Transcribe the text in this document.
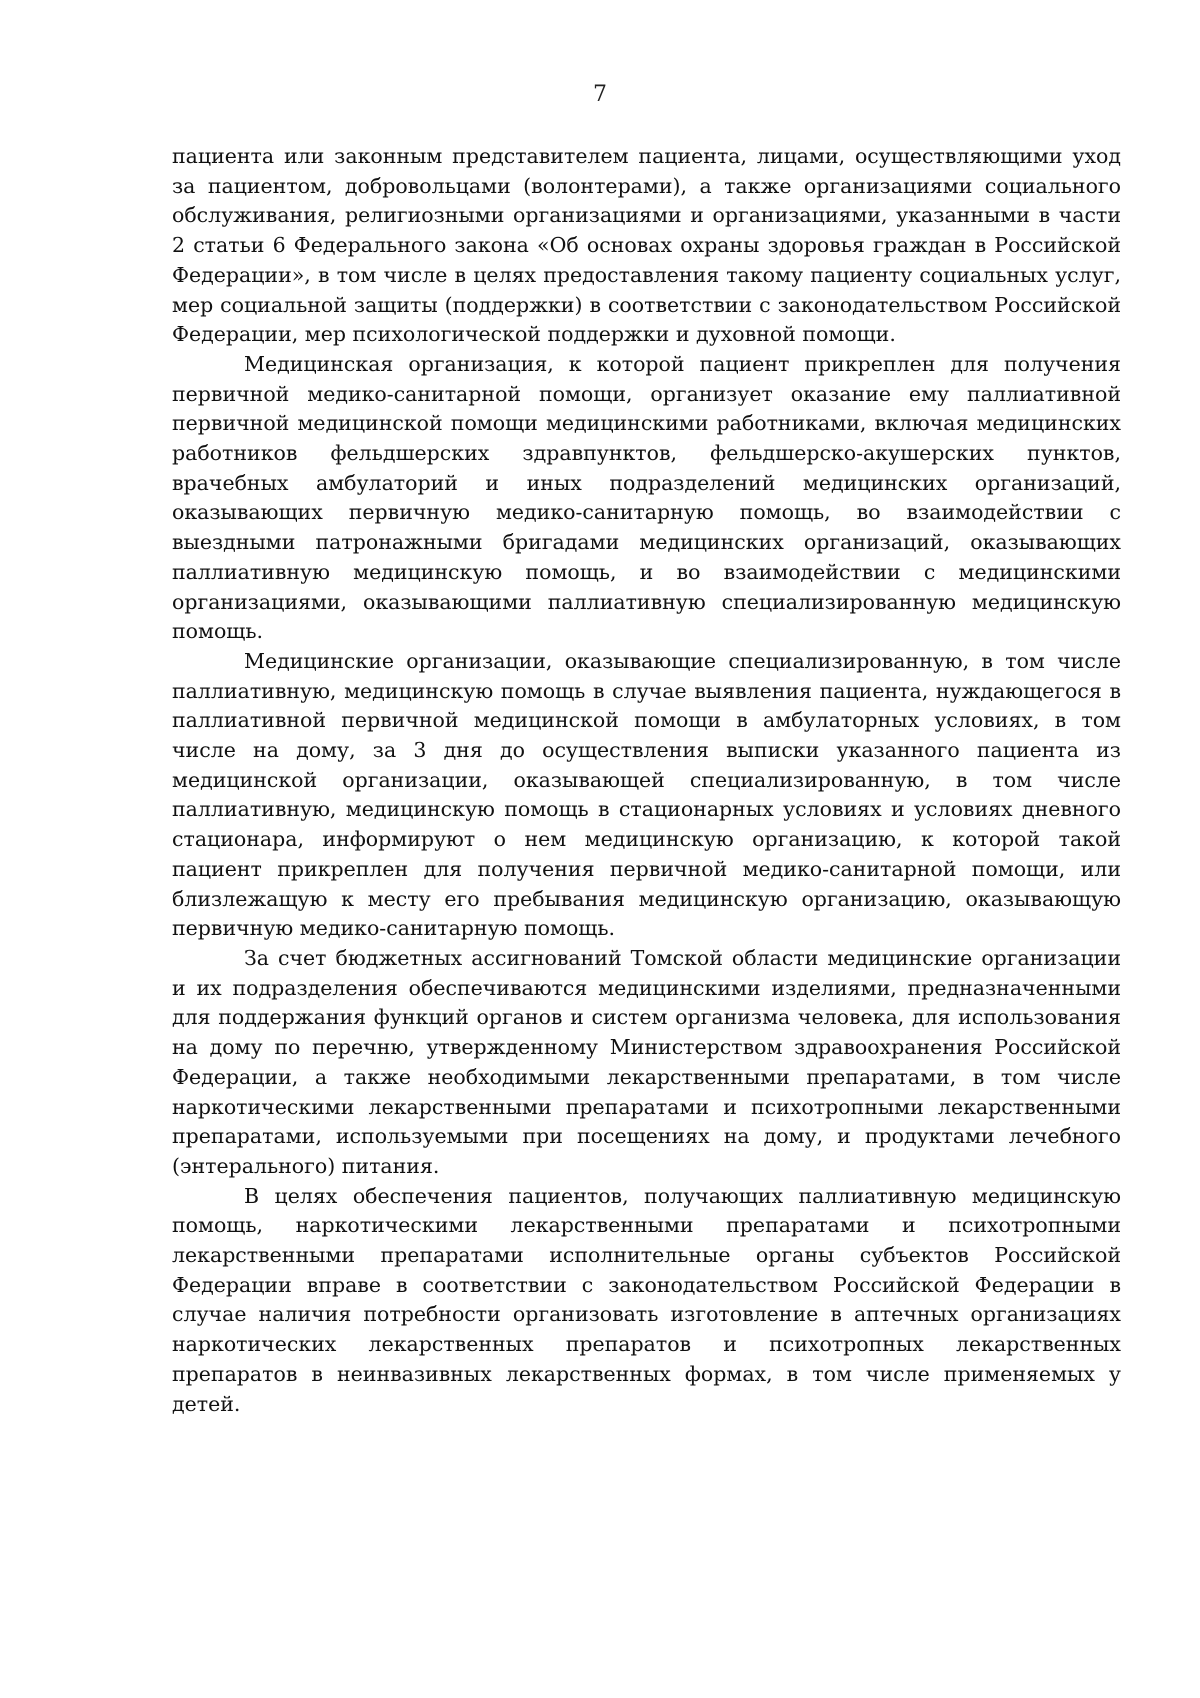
7

пациента или законным представителем пациента, лицами, осуществляющими уход за пациентом, добровольцами (волонтерами), а также организациями социального обслуживания, религиозными организациями и организациями, указанными в части 2 статьи 6 Федерального закона «Об основах охраны здоровья граждан в Российской Федерации», в том числе в целях предоставления такому пациенту социальных услуг, мер социальной защиты (поддержки) в соответствии с законодательством Российской Федерации, мер психологической поддержки и духовной помощи.

Медицинская организация, к которой пациент прикреплен для получения первичной медико-санитарной помощи, организует оказание ему паллиативной первичной медицинской помощи медицинскими работниками, включая медицинских работников фельдшерских здравпунктов, фельдшерско-акушерских пунктов, врачебных амбулаторий и иных подразделений медицинских организаций, оказывающих первичную медико-санитарную помощь, во взаимодействии с выездными патронажными бригадами медицинских организаций, оказывающих паллиативную медицинскую помощь, и во взаимодействии с медицинскими организациями, оказывающими паллиативную специализированную медицинскую помощь.

Медицинские организации, оказывающие специализированную, в том числе паллиативную, медицинскую помощь в случае выявления пациента, нуждающегося в паллиативной первичной медицинской помощи в амбулаторных условиях, в том числе на дому, за 3 дня до осуществления выписки указанного пациента из медицинской организации, оказывающей специализированную, в том числе паллиативную, медицинскую помощь в стационарных условиях и условиях дневного стационара, информируют о нем медицинскую организацию, к которой такой пациент прикреплен для получения первичной медико-санитарной помощи, или близлежащую к месту его пребывания медицинскую организацию, оказывающую первичную медико-санитарную помощь.

За счет бюджетных ассигнований Томской области медицинские организации и их подразделения обеспечиваются медицинскими изделиями, предназначенными для поддержания функций органов и систем организма человека, для использования на дому по перечню, утвержденному Министерством здравоохранения Российской Федерации, а также необходимыми лекарственными препаратами, в том числе наркотическими лекарственными препаратами и психотропными лекарственными препаратами, используемыми при посещениях на дому, и продуктами лечебного (энтерального) питания.

В целях обеспечения пациентов, получающих паллиативную медицинскую помощь, наркотическими лекарственными препаратами и психотропными лекарственными препаратами исполнительные органы субъектов Российской Федерации вправе в соответствии с законодательством Российской Федерации в случае наличия потребности организовать изготовление в аптечных организациях наркотических лекарственных препаратов и психотропных лекарственных препаратов в неинвазивных лекарственных формах, в том числе применяемых у детей.
